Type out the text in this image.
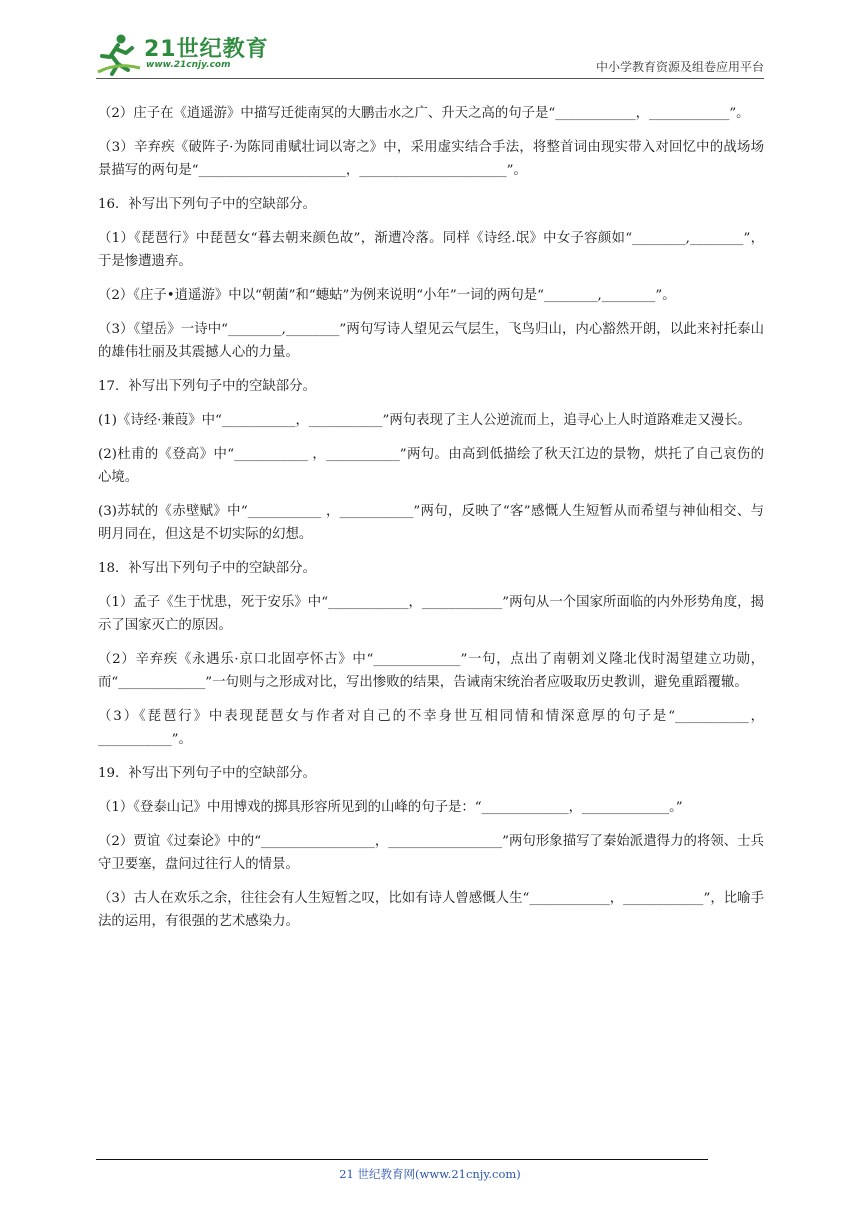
21世纪教育
www.21cnjy.com	中小学教育资源及组卷应用平台

（2）庄子在《逍遥游》中描写迁徙南冥的大鹏击水之广、升天之高的句子是“____________，____________”。

（3）辛弃疾《破阵子·为陈同甫赋壮词以寄之》中，采用虚实结合手法，将整首词由现实带入对回忆中的战场场景描写的两句是“______________________，______________________”。

16．补写出下列句子中的空缺部分。

（1）《琵琶行》中琵琶女“暮去朝来颜色故”，渐遭冷落。同样《诗经.氓》中女子容颜如“________,________”，于是惨遭遗弃。

（2）《庄子•逍遥游》中以“朝菌”和“蟪蛄”为例来说明“小年”一词的两句是“________,________”。

（3）《望岳》一诗中“________,________”两句写诗人望见云气层生，飞鸟归山，内心豁然开朗，以此来衬托泰山的雄伟壮丽及其震撼人心的力量。

17．补写出下列句子中的空缺部分。

(1)《诗经·兼葭》中“___________，___________”两句表现了主人公逆流而上，追寻心上人时道路难走又漫长。

(2)杜甫的《登高》中“___________ ，___________”两句。由高到低描绘了秋天江边的景物，烘托了自己哀伤的心境。

(3)苏轼的《赤壁赋》中“___________ ，___________”两句，反映了“客”感慨人生短暂从而希望与神仙相交、与明月同在，但这是不切实际的幻想。

18．补写出下列句子中的空缺部分。

（1）孟子《生于忧患，死于安乐》中“____________，____________”两句从一个国家所面临的内外形势角度，揭示了国家灭亡的原因。

（2）辛弃疾《永遇乐·京口北固亭怀古》中“_____________”一句，点出了南朝刘义隆北伐时渴望建立功勋，而“_____________”一句则与之形成对比，写出惨败的结果，告诫南宋统治者应吸取历史教训，避免重蹈覆辙。

（3）《琵琶行》中表现琵琶女与作者对自己的不幸身世互相同情和情深意厚的句子是“___________，___________”。

19．补写出下列句子中的空缺部分。

（1）《登泰山记》中用博戏的掷具形容所见到的山峰的句子是：“_____________，_____________。”

（2）贾谊《过秦论》中的“_________________，_________________”两句形象描写了秦始派遣得力的将领、士兵守卫要塞，盘问过往行人的情景。

（3）古人在欢乐之余，往往会有人生短暂之叹，比如有诗人曾感慨人生“____________，____________”，比喻手法的运用，有很强的艺术感染力。

21 世纪教育网(www.21cnjy.com)
